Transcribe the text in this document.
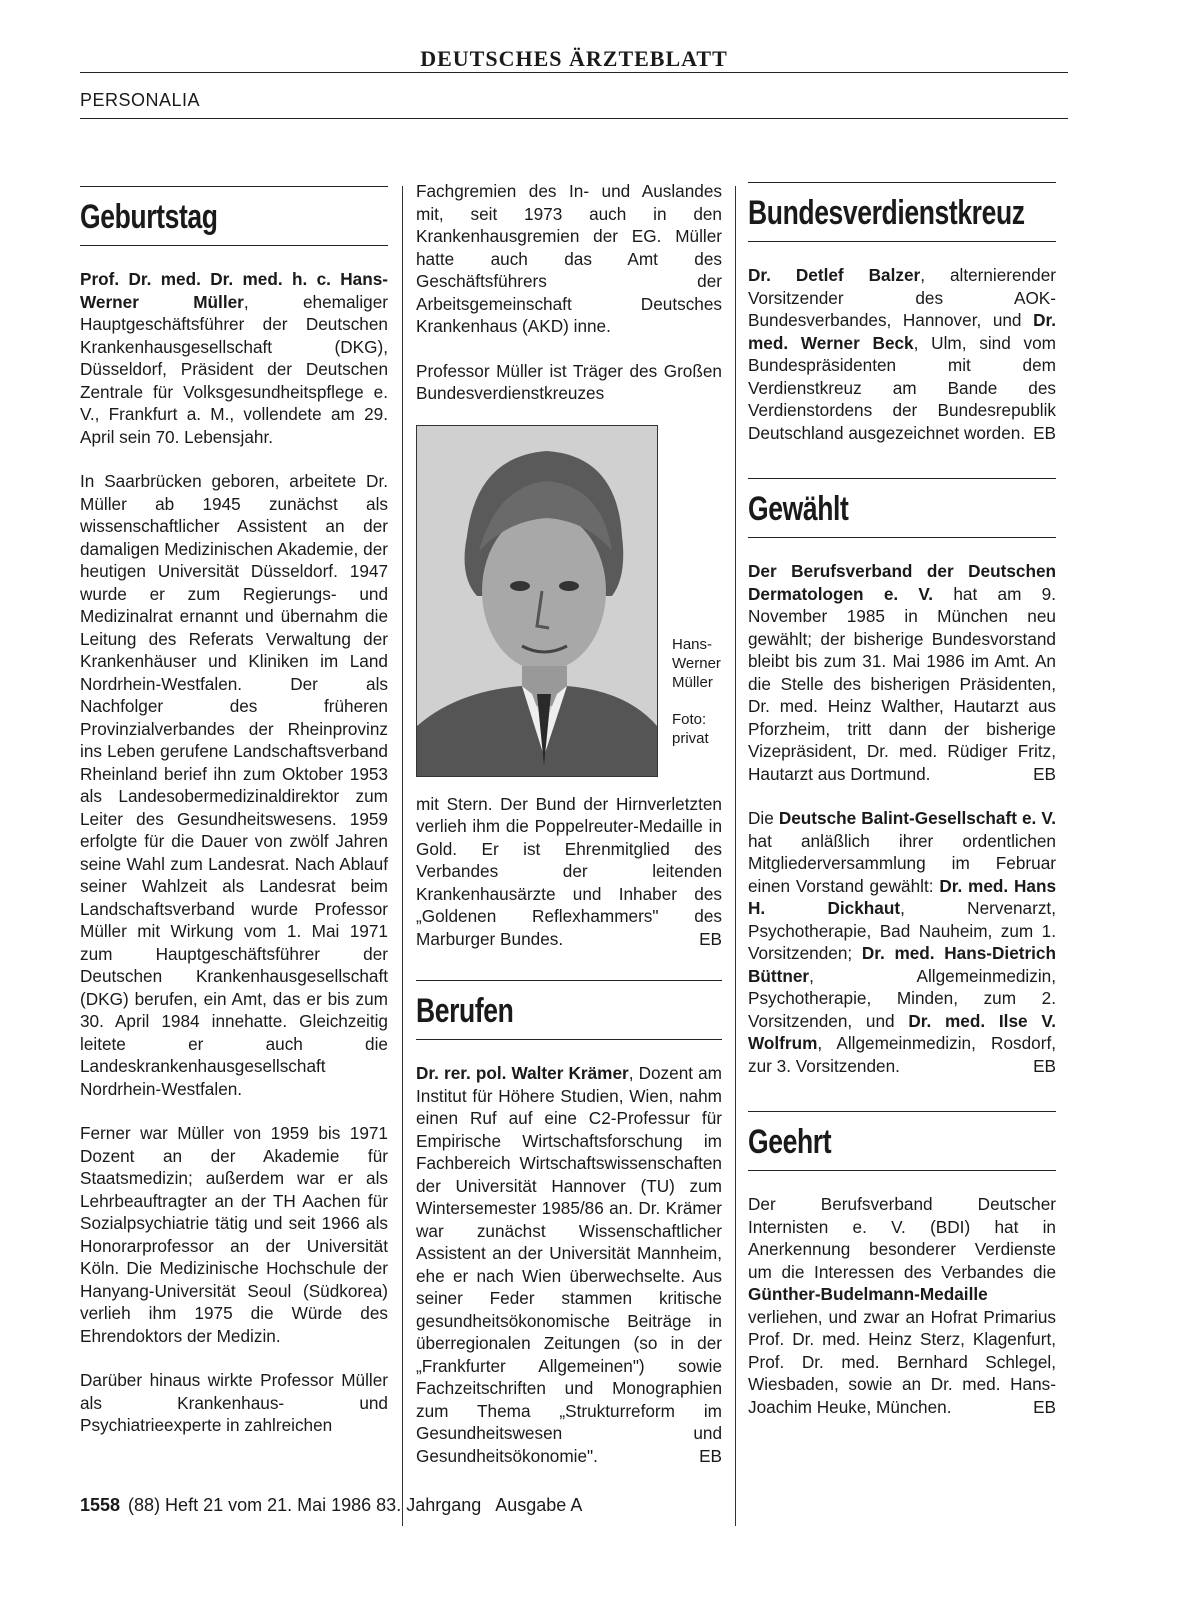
DEUTSCHES ÄRZTEBLATT
PERSONALIA
Geburtstag

Prof. Dr. med. Dr. med. h. c. Hans-Werner Müller, ehemaliger Hauptgeschäftsführer der Deutschen Krankenhausgesellschaft (DKG), Düsseldorf, Präsident der Deutschen Zentrale für Volksgesundheitspflege e. V., Frankfurt a. M., vollendete am 29. April sein 70. Lebensjahr.

In Saarbrücken geboren, arbeitete Dr. Müller ab 1945 zunächst als wissenschaftlicher Assistent an der damaligen Medizinischen Akademie, der heutigen Universität Düsseldorf. 1947 wurde er zum Regierungs- und Medizinalrat ernannt und übernahm die Leitung des Referats Verwaltung der Krankenhäuser und Kliniken im Land Nordrhein-Westfalen. Der als Nachfolger des früheren Provinzialverbandes der Rheinprovinz ins Leben gerufene Landschaftsverband Rheinland berief ihn zum Oktober 1953 als Landesobermedizinaldirektor zum Leiter des Gesundheitswesens. 1959 erfolgte für die Dauer von zwölf Jahren seine Wahl zum Landesrat. Nach Ablauf seiner Wahlzeit als Landesrat beim Landschaftsverband wurde Professor Müller mit Wirkung vom 1. Mai 1971 zum Hauptgeschäftsführer der Deutschen Krankenhausgesellschaft (DKG) berufen, ein Amt, das er bis zum 30. April 1984 innehatte. Gleichzeitig leitete er auch die Landeskrankenhausgesellschaft Nordrhein-Westfalen.

Ferner war Müller von 1959 bis 1971 Dozent an der Akademie für Staatsmedizin; außerdem war er als Lehrbeauftragter an der TH Aachen für Sozialpsychiatrie tätig und seit 1966 als Honorarprofessor an der Universität Köln. Die Medizinische Hochschule der Hanyang-Universität Seoul (Südkorea) verlieh ihm 1975 die Würde des Ehrendoktors der Medizin.

Darüber hinaus wirkte Professor Müller als Krankenhaus- und Psychiatrieexperte in zahlreichen

Fachgremien des In- und Auslandes mit, seit 1973 auch in den Krankenhausgremien der EG. Müller hatte auch das Amt des Geschäftsführers der Arbeitsgemeinschaft Deutsches Krankenhaus (AKD) inne.

Professor Müller ist Träger des Großen Bundesverdienstkreuzes

Hans-Werner Müller
Foto: privat

mit Stern. Der Bund der Hirnverletzten verlieh ihm die Poppelreuter-Medaille in Gold. Er ist Ehrenmitglied des Verbandes der leitenden Krankenhausärzte und Inhaber des „Goldenen Reflexhammers" des Marburger Bundes.	EB

Berufen

Dr. rer. pol. Walter Krämer, Dozent am Institut für Höhere Studien, Wien, nahm einen Ruf auf eine C2-Professur für Empirische Wirtschaftsforschung im Fachbereich Wirtschaftswissenschaften der Universität Hannover (TU) zum Wintersemester 1985/86 an. Dr. Krämer war zunächst Wissenschaftlicher Assistent an der Universität Mannheim, ehe er nach Wien überwechselte. Aus seiner Feder stammen kritische gesundheitsökonomische Beiträge in überregionalen Zeitungen (so in der „Frankfurter Allgemeinen") sowie Fachzeitschriften und Monographien zum Thema „Strukturreform im Gesundheitswesen und Gesundheitsökonomie".	EB

Bundesverdienstkreuz

Dr. Detlef Balzer, alternierender Vorsitzender des AOK-Bundesverbandes, Hannover, und Dr. med. Werner Beck, Ulm, sind vom Bundespräsidenten mit dem Verdienstkreuz am Bande des Verdienstordens der Bundesrepublik Deutschland ausgezeichnet worden. EB

Gewählt

Der Berufsverband der Deutschen Dermatologen e. V. hat am 9. November 1985 in München neu gewählt; der bisherige Bundesvorstand bleibt bis zum 31. Mai 1986 im Amt. An die Stelle des bisherigen Präsidenten, Dr. med. Heinz Walther, Hautarzt aus Pforzheim, tritt dann der bisherige Vizepräsident, Dr. med. Rüdiger Fritz, Hautarzt aus Dortmund.	EB

Die Deutsche Balint-Gesellschaft e. V. hat anläßlich ihrer ordentlichen Mitgliederversammlung im Februar einen Vorstand gewählt: Dr. med. Hans H. Dickhaut, Nervenarzt, Psychotherapie, Bad Nauheim, zum 1. Vorsitzenden; Dr. med. Hans-Dietrich Büttner, Allgemeinmedizin, Psychotherapie, Minden, zum 2. Vorsitzenden, und Dr. med. Ilse V. Wolfrum, Allgemeinmedizin, Rosdorf, zur 3. Vorsitzenden.	EB

Geehrt

Der Berufsverband Deutscher Internisten e. V. (BDI) hat in Anerkennung besonderer Verdienste um die Interessen des Verbandes die Günther-Budelmann-Medaille verliehen, und zwar an Hofrat Primarius Prof. Dr. med. Heinz Sterz, Klagenfurt, Prof. Dr. med. Bernhard Schlegel, Wiesbaden, sowie an Dr. med. Hans-Joachim Heuke, München.	EB

1558 (88) Heft 21 vom 21. Mai 1986 83. Jahrgang   Ausgabe A
